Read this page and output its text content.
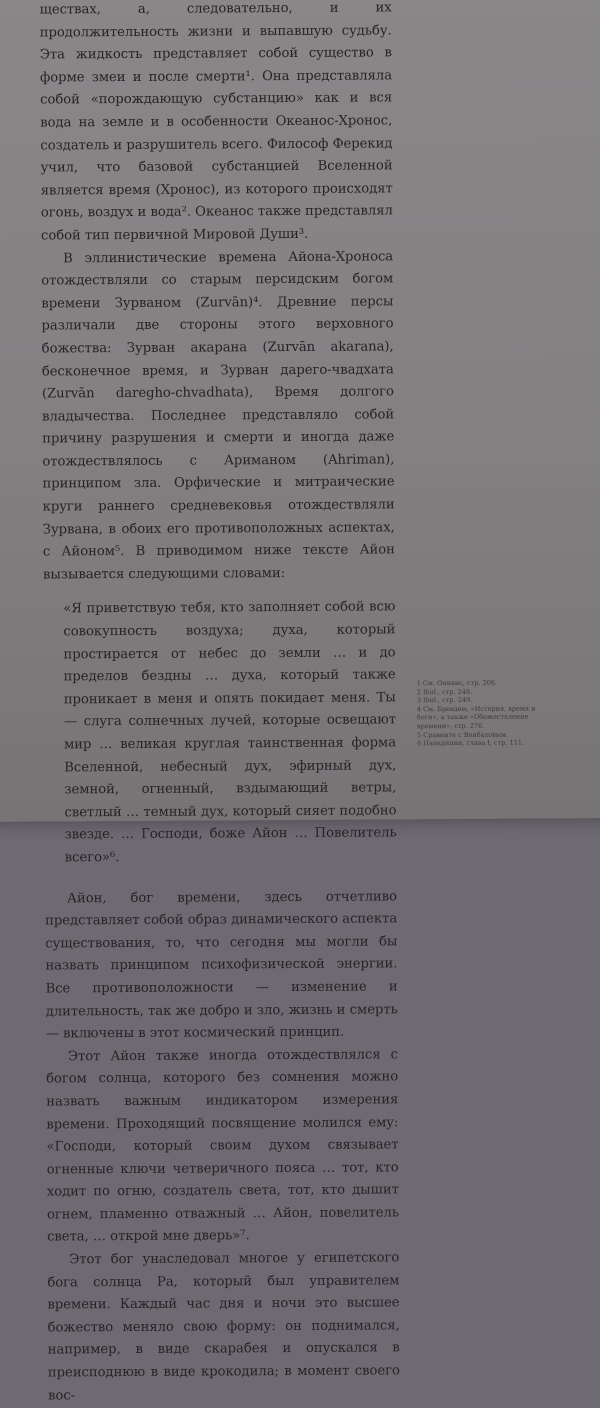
ществах, а, следовательно, и их продолжительность жизни и выпавшую судьбу. Эта жидкость представляет собой существо в форме змеи и после смерти¹. Она представляла собой «порождающую субстанцию» как и вся вода на земле и в особенности Океанос-Хронос, создатель и разрушитель всего. Философ Ферекид учил, что базовой субстанцией Вселенной является время (Хронос), из которого происходят огонь, воздух и вода². Океанос также представлял собой тип первичной Мировой Души³.

В эллинистические времена Айона-Хроноса отождествляли со старым персидским богом времени Зурваном (Zurvān)⁴. Древние персы различали две стороны этого верховного божества: Зурван акарана (Zurvān akarana), бесконечное время, и Зурван дарего-чвадхата (Zurvān daregho-chvadhata), Время долгого владычества. Последнее представляло собой причину разрушения и смерти и иногда даже отождествлялось с Ариманом (Ahriman), принципом зла. Орфические и митраические круги раннего средневековья отождествляли Зурвана, в обоих его противоположных аспектах, с Айоном⁵. В приводимом ниже тексте Айон вызывается следующими словами:

«Я приветствую тебя, кто заполняет собой всю совокупность воздуха; духа, который простирается от небес до земли … и до пределов бездны … духа, который также проникает в меня и опять покидает меня. Ты — слуга солнечных лучей, которые освещают мир … великая круглая таинственная форма Вселенной, небесный дух, эфирный дух, земной, огненный, вздымающий ветры, светлый … темный дух, который сияет подобно звезде. … Господи, боже Айон … Повелитель всего»⁶.

Айон, бог времени, здесь отчетливо представляет собой образ динамического аспекта существования, то, что сегодня мы могли бы назвать принципом психофизической энергии. Все противоположности — изменение и длительность, так же добро и зло, жизнь и смерть — включены в этот космический принцип.

Этот Айон также иногда отождествлялся с богом солнца, которого без сомнения можно назвать важным индикатором измерения времени. Проходящий посвящение молился ему: «Господи, который своим духом связывает огненные ключи четверичного пояса … тот, кто ходит по огню, создатель света, тот, кто дышит огнем, пламенно отважный … Айон, повелитель света, … открой мне дверь»⁷.

Этот бог унаследовал многое у египетского бога солнца Ра, который был управителем времени. Каждый час дня и ночи это высшее божество меняло свою форму: он поднимался, например, в виде скарабея и опускался в преисподнюю в виде крокодила; в момент своего вос-

1 См. Онианс, стр. 206.
2 Ibid., стр. 248.
3 Ibid., стр. 249.
4 См. Бревдем, «История, время и боги», а также «Обожествление времени», стр. 276.
5 Сравните с Boнбаховым.
6 Пападиции, глава I, стр. 111.
